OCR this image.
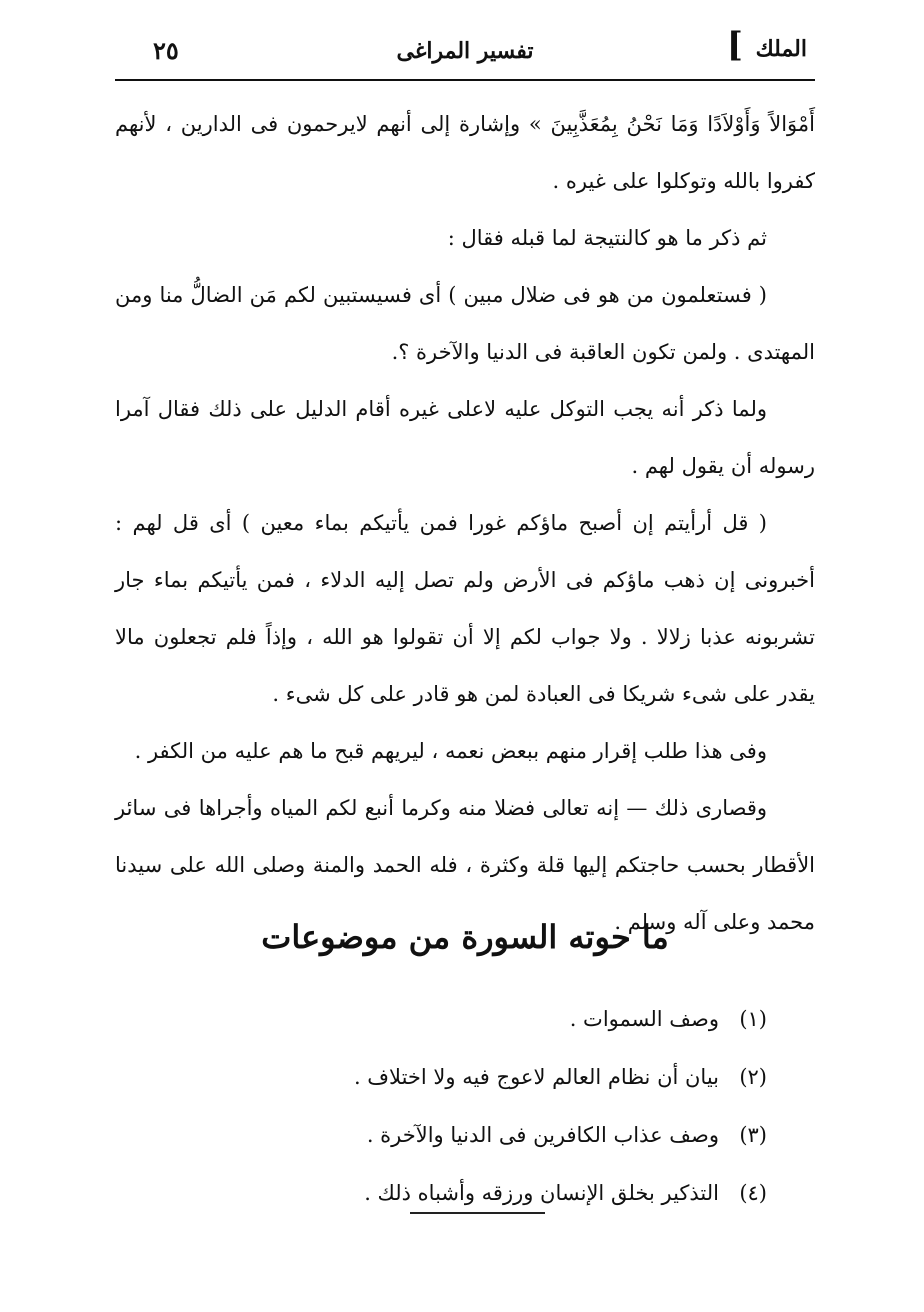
الملك
]
تفسير المراغى
٢٥

أَمْوَالاً وَأَوْلاَدًا وَمَا نَحْنُ بِمُعَذَّبِينَ » وإشارة إلى أنهم لايرحمون فى الدارين ، لأنهم كفروا بالله وتوكلوا على غيره .

ثم ذكر ما هو كالنتيجة لما قبله فقال :

( فستعلمون من هو فى ضلال مبين ) أى فسيستبين لكم مَن الضالُّ منا ومن المهتدى . ولمن تكون العاقبة فى الدنيا والآخرة ؟.

ولما ذكر أنه يجب التوكل عليه لاعلى غيره أقام الدليل على ذلك فقال آمرا رسوله أن يقول لهم .

( قل أرأيتم إن أصبح ماؤكم غورا فمن يأتيكم بماء معين ) أى قل لهم : أخبرونى إن ذهب ماؤكم فى الأرض ولم تصل إليه الدلاء ، فمن يأتيكم بماء جار تشربونه عذبا زلالا . ولا جواب لكم إلا أن تقولوا هو الله ، وإذاً فلم تجعلون مالا يقدر على شىء شريكا فى العبادة لمن هو قادر على كل شىء .

وفى هذا طلب إقرار منهم ببعض نعمه ، ليريهم قبح ما هم عليه من الكفر .

وقصارى ذلك — إنه تعالى فضلا منه وكرما أنبع لكم المياه وأجراها فى سائر الأقطار بحسب حاجتكم إليها قلة وكثرة ، فله الحمد والمنة وصلى الله على سيدنا محمد وعلى آله وسلم .

ما حوته السورة من موضوعات
(١)وصف السموات .
(٢)بيان أن نظام العالم لاعوج فيه ولا اختلاف .
(٣)وصف عذاب الكافرين فى الدنيا والآخرة .
(٤)التذكير بخلق الإنسان ورزقه وأشباه ذلك .
